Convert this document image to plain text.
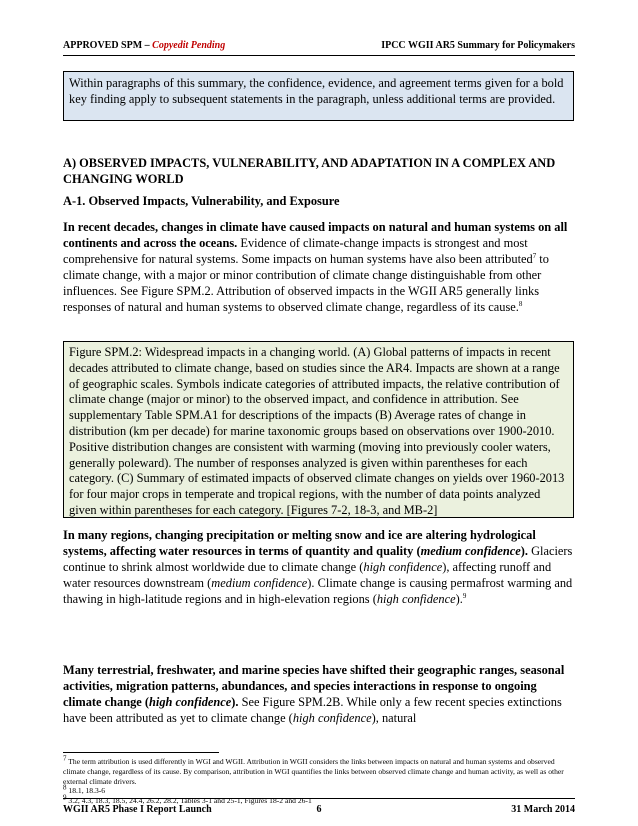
APPROVED SPM – Copyedit Pending	IPCC WGII AR5 Summary for Policymakers
Within paragraphs of this summary, the confidence, evidence, and agreement terms given for a bold key finding apply to subsequent statements in the paragraph, unless additional terms are provided.

A) OBSERVED IMPACTS, VULNERABILITY, AND ADAPTATION IN A COMPLEX AND CHANGING WORLD

A-1. Observed Impacts, Vulnerability, and Exposure

In recent decades, changes in climate have caused impacts on natural and human systems on all continents and across the oceans. Evidence of climate-change impacts is strongest and most comprehensive for natural systems. Some impacts on human systems have also been attributed$^7$ to climate change, with a major or minor contribution of climate change distinguishable from other influences. See Figure SPM.2. Attribution of observed impacts in the WGII AR5 generally links responses of natural and human systems to observed climate change, regardless of its cause.$^8$

Figure SPM.2: Widespread impacts in a changing world. (A) Global patterns of impacts in recent decades attributed to climate change, based on studies since the AR4. Impacts are shown at a range of geographic scales. Symbols indicate categories of attributed impacts, the relative contribution of climate change (major or minor) to the observed impact, and confidence in attribution. See supplementary Table SPM.A1 for descriptions of the impacts (B) Average rates of change in distribution (km per decade) for marine taxonomic groups based on observations over 1900-2010. Positive distribution changes are consistent with warming (moving into previously cooler waters, generally poleward). The number of responses analyzed is given within parentheses for each category. (C) Summary of estimated impacts of observed climate changes on yields over 1960-2013 for four major crops in temperate and tropical regions, with the number of data points analyzed given within parentheses for each category. [Figures 7-2, 18-3, and MB-2]

In many regions, changing precipitation or melting snow and ice are altering hydrological systems, affecting water resources in terms of quantity and quality (medium confidence). Glaciers continue to shrink almost worldwide due to climate change (high confidence), affecting runoff and water resources downstream (medium confidence). Climate change is causing permafrost warming and thawing in high-latitude regions and in high-elevation regions (high confidence).$^9$

Many terrestrial, freshwater, and marine species have shifted their geographic ranges, seasonal activities, migration patterns, abundances, and species interactions in response to ongoing climate change (high confidence). See Figure SPM.2B. While only a few recent species extinctions have been attributed as yet to climate change (high confidence), natural

$^7$ The term attribution is used differently in WGI and WGII. Attribution in WGII considers the links between impacts on natural and human systems and observed climate change, regardless of its cause. By comparison, attribution in WGI quantifies the links between observed climate change and human activity, as well as other external climate drivers.

$^8$ 18.1, 18.3-6

$^9$ 3.2, 4.3, 18.3, 18.5, 24.4, 26.2, 28.2, Tables 3-1 and 25-1, Figures 18-2 and 26-1

WGII AR5 Phase I Report Launch	6	31 March 2014
